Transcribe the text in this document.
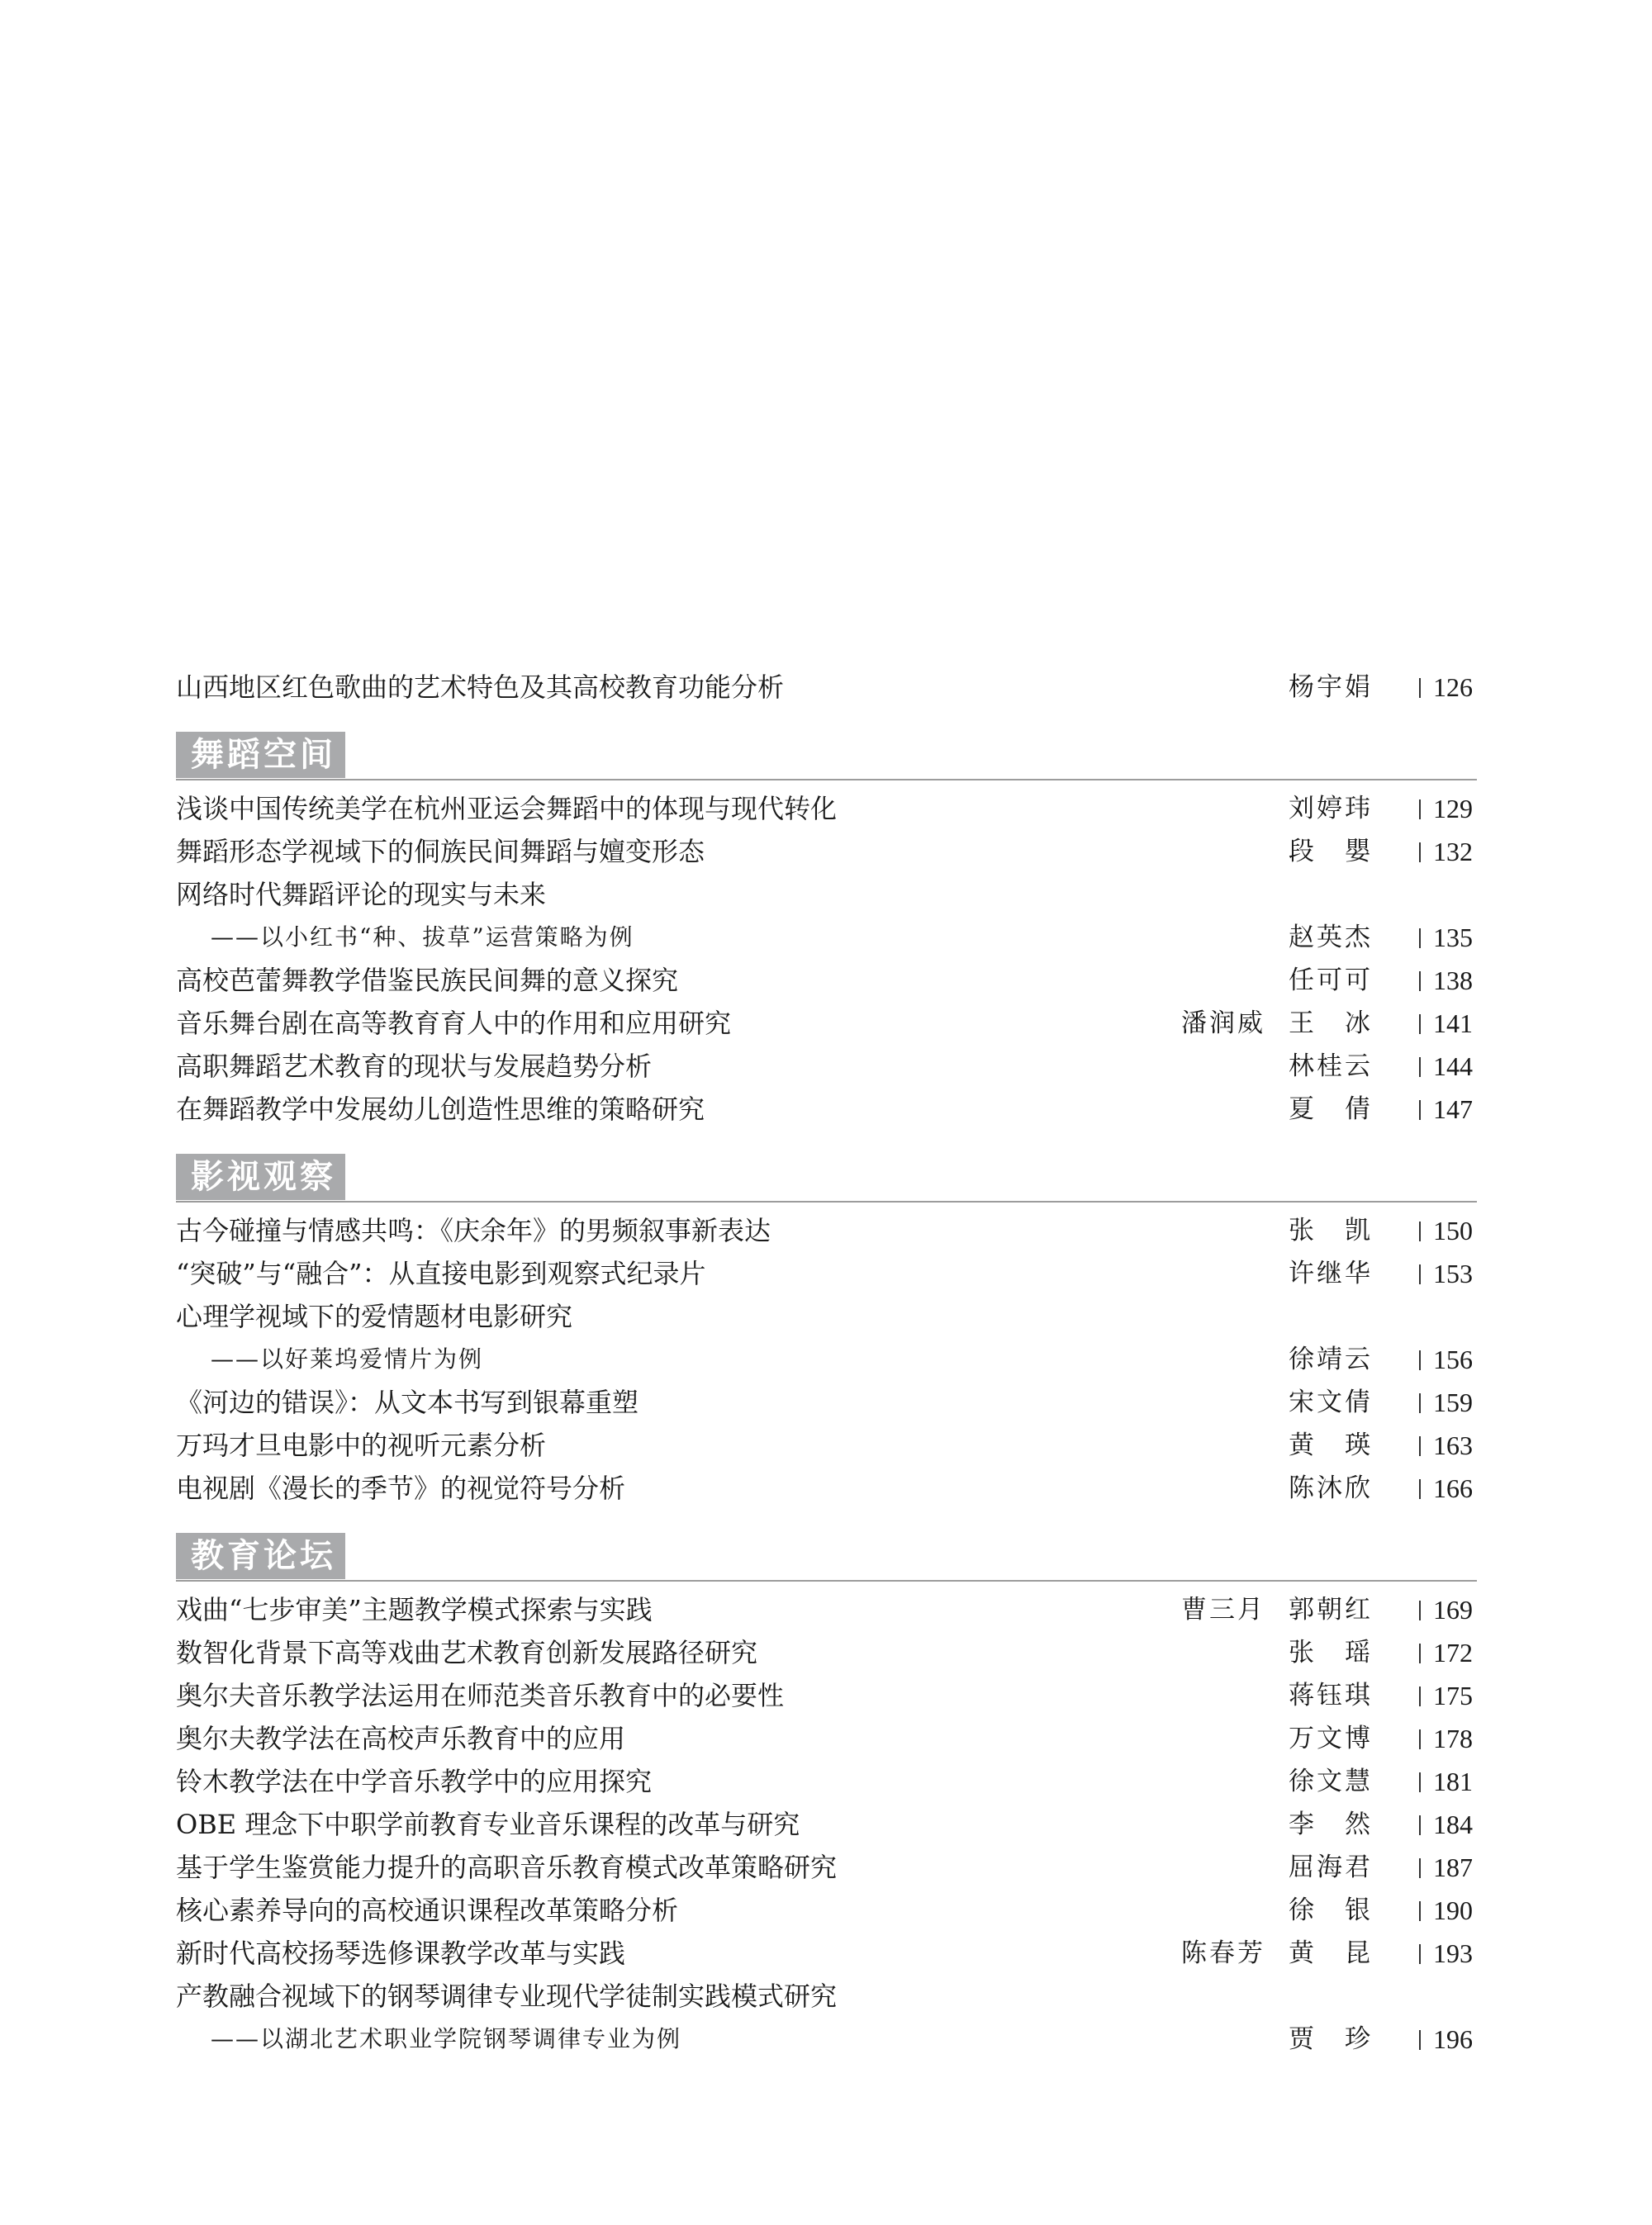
山西地区红色歌曲的艺术特色及其高校教育功能分析	杨宇娟 126
舞蹈空间
浅谈中国传统美学在杭州亚运会舞蹈中的体现与现代转化	刘婷玮 129
舞蹈形态学视域下的侗族民间舞蹈与嬗变形态	段　嬰 132
网络时代舞蹈评论的现实与未来
——以小红书“种、拔草”运营策略为例	赵英杰 135
高校芭蕾舞教学借鉴民族民间舞的意义探究	任可可 138
音乐舞台剧在高等教育育人中的作用和应用研究	潘润威 王　冰 141
高职舞蹈艺术教育的现状与发展趋势分析	林桂云 144
在舞蹈教学中发展幼儿创造性思维的策略研究	夏　倩 147
影视观察
古今碰撞与情感共鸣：《庆余年》的男频叙事新表达	张　凯 150
“突破”与“融合”：从直接电影到观察式纪录片	许继华 153
心理学视域下的爱情题材电影研究
——以好莱坞爱情片为例	徐靖云 156
《河边的错误》：从文本书写到银幕重塑	宋文倩 159
万玛才旦电影中的视听元素分析	黄　瑛 163
电视剧《漫长的季节》的视觉符号分析	陈沐欣 166
教育论坛
戏曲“七步审美”主题教学模式探索与实践	曹三月 郭朝红 169
数智化背景下高等戏曲艺术教育创新发展路径研究	张　瑶 172
奥尔夫音乐教学法运用在师范类音乐教育中的必要性	蒋钰琪 175
奥尔夫教学法在高校声乐教育中的应用	万文博 178
铃木教学法在中学音乐教学中的应用探究	徐文慧 181
OBE 理念下中职学前教育专业音乐课程的改革与研究	李　然 184
基于学生鉴赏能力提升的高职音乐教育模式改革策略研究	屈海君 187
核心素养导向的高校通识课程改革策略分析	徐　银 190
新时代高校扬琴选修课教学改革与实践	陈春芳 黄　昆 193
产教融合视域下的钢琴调律专业现代学徒制实践模式研究
——以湖北艺术职业学院钢琴调律专业为例	贾　珍 196
